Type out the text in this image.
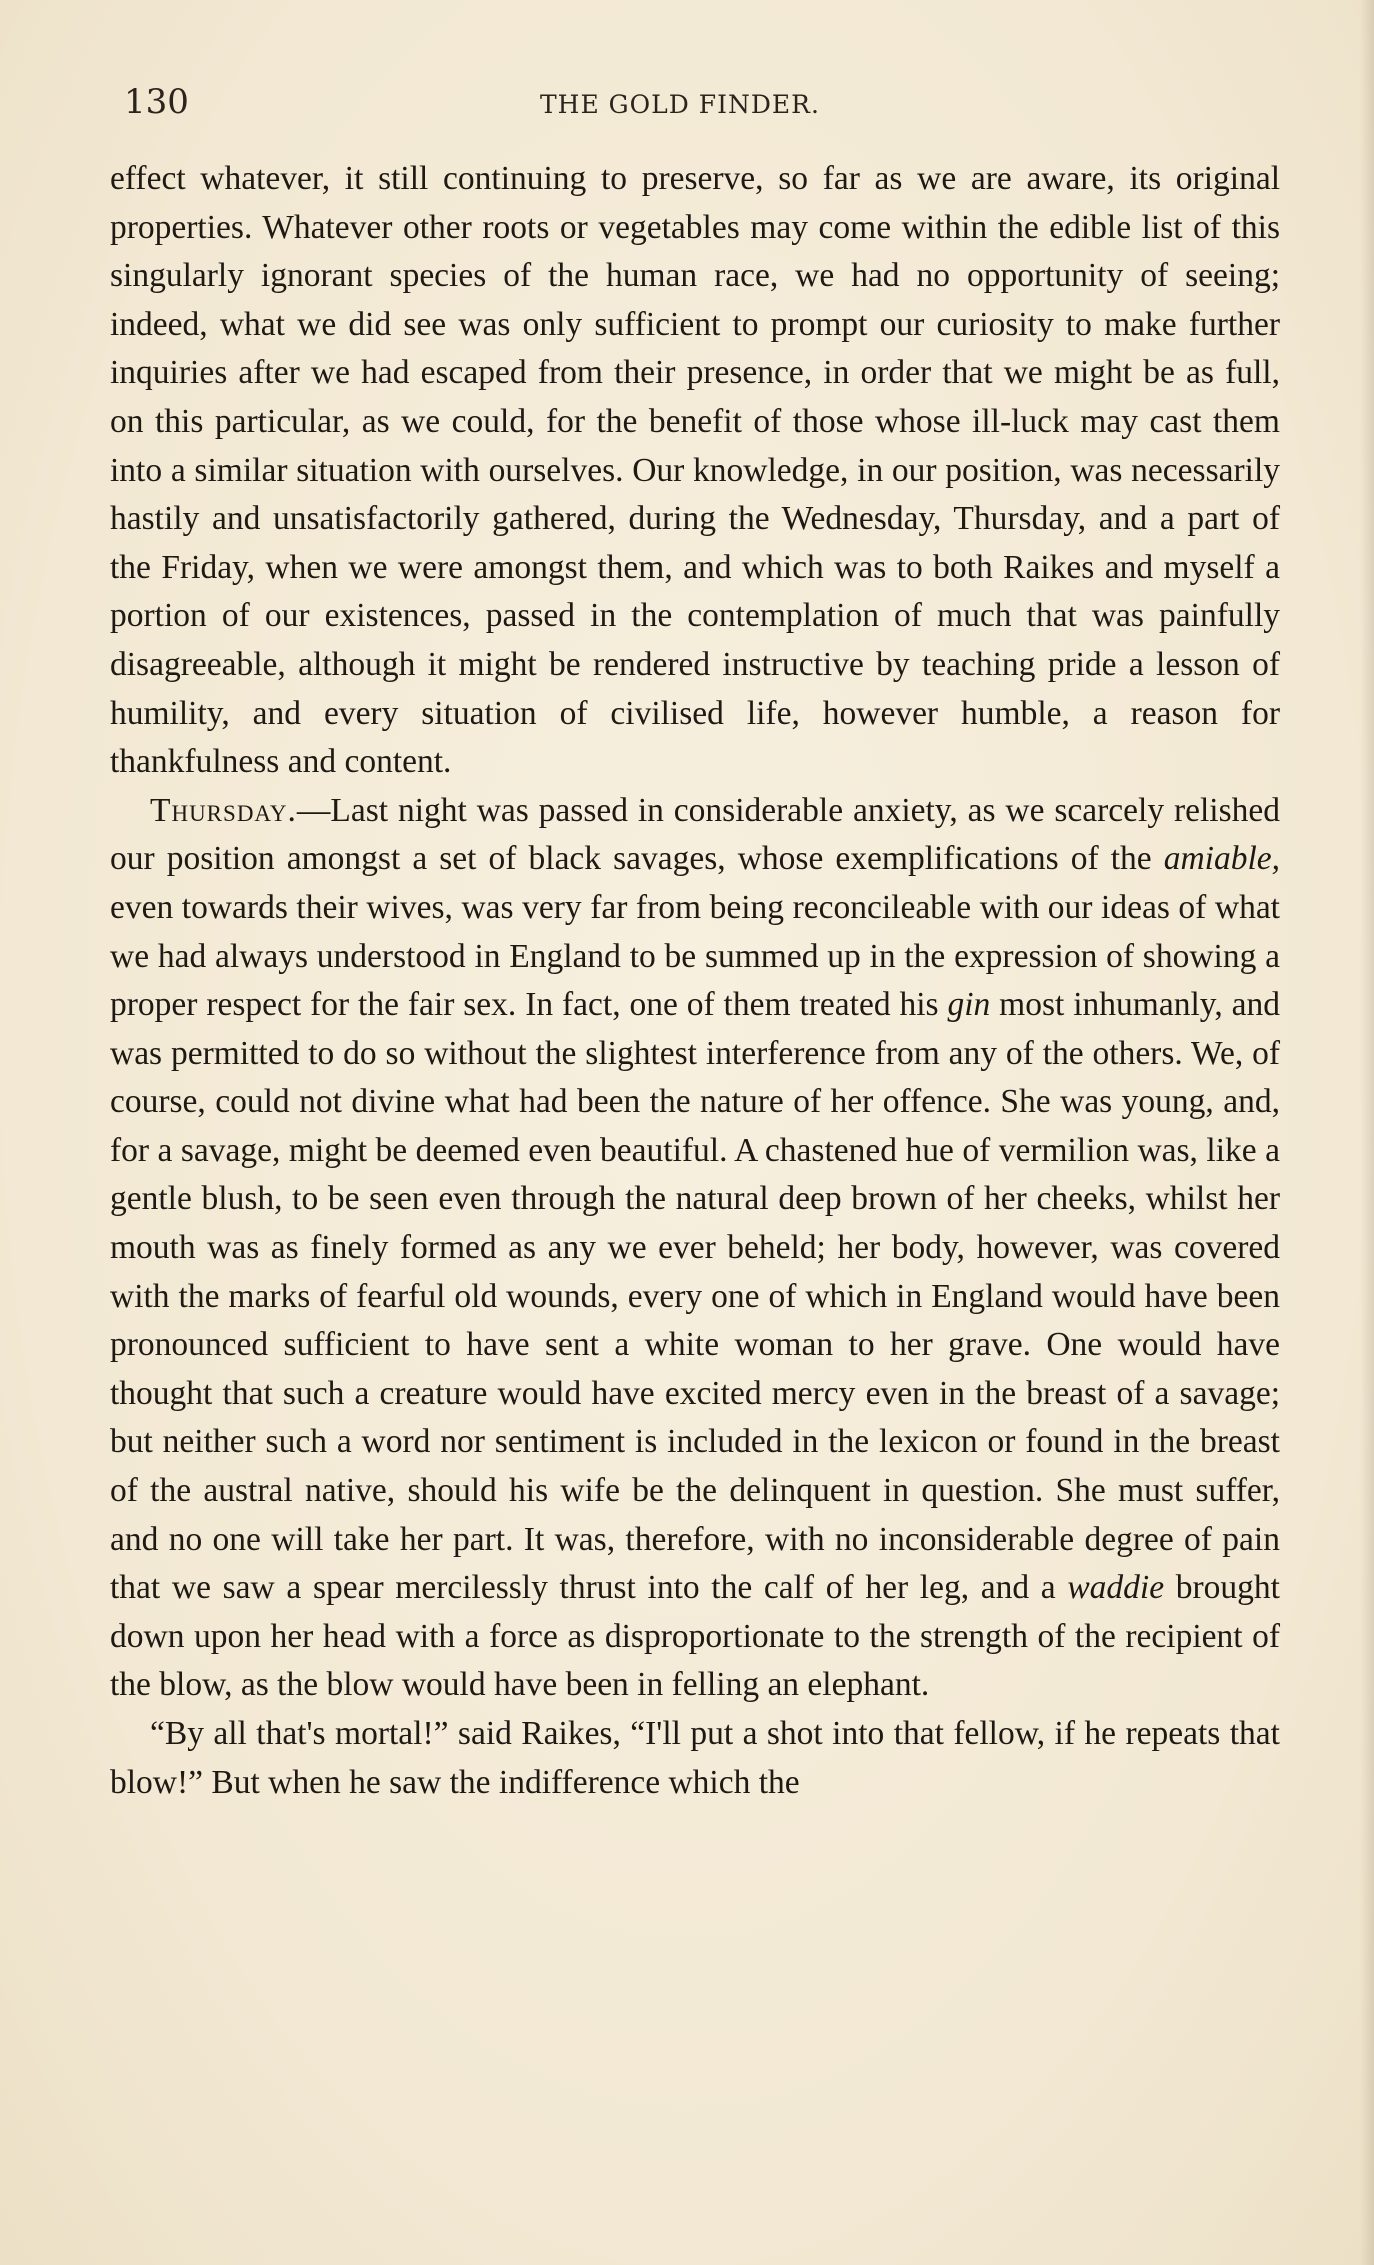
130	THE GOLD FINDER.

effect whatever, it still continuing to preserve, so far as we are aware, its original properties. Whatever other roots or vegetables may come within the edible list of this singularly ignorant species of the human race, we had no opportunity of seeing; indeed, what we did see was only sufficient to prompt our curiosity to make further inquiries after we had escaped from their presence, in order that we might be as full, on this particular, as we could, for the benefit of those whose ill-luck may cast them into a similar situation with ourselves. Our knowledge, in our position, was necessarily hastily and unsatisfactorily gathered, during the Wednesday, Thursday, and a part of the Friday, when we were amongst them, and which was to both Raikes and myself a portion of our existences, passed in the contemplation of much that was painfully disagreeable, although it might be rendered instructive by teaching pride a lesson of humility, and every situation of civilised life, however humble, a reason for thankfulness and content.

Thursday.—Last night was passed in considerable anxiety, as we scarcely relished our position amongst a set of black savages, whose exemplifications of the amiable, even towards their wives, was very far from being reconcileable with our ideas of what we had always understood in England to be summed up in the expression of showing a proper respect for the fair sex. In fact, one of them treated his gin most inhumanly, and was permitted to do so without the slightest interference from any of the others. We, of course, could not divine what had been the nature of her offence. She was young, and, for a savage, might be deemed even beautiful. A chastened hue of vermilion was, like a gentle blush, to be seen even through the natural deep brown of her cheeks, whilst her mouth was as finely formed as any we ever beheld; her body, however, was covered with the marks of fearful old wounds, every one of which in England would have been pronounced sufficient to have sent a white woman to her grave. One would have thought that such a creature would have excited mercy even in the breast of a savage; but neither such a word nor sentiment is included in the lexicon or found in the breast of the austral native, should his wife be the delinquent in question. She must suffer, and no one will take her part. It was, therefore, with no inconsiderable degree of pain that we saw a spear mercilessly thrust into the calf of her leg, and a waddie brought down upon her head with a force as disproportionate to the strength of the recipient of the blow, as the blow would have been in felling an elephant.

“By all that's mortal!” said Raikes, “I'll put a shot into that fellow, if he repeats that blow!” But when he saw the indifference which the
